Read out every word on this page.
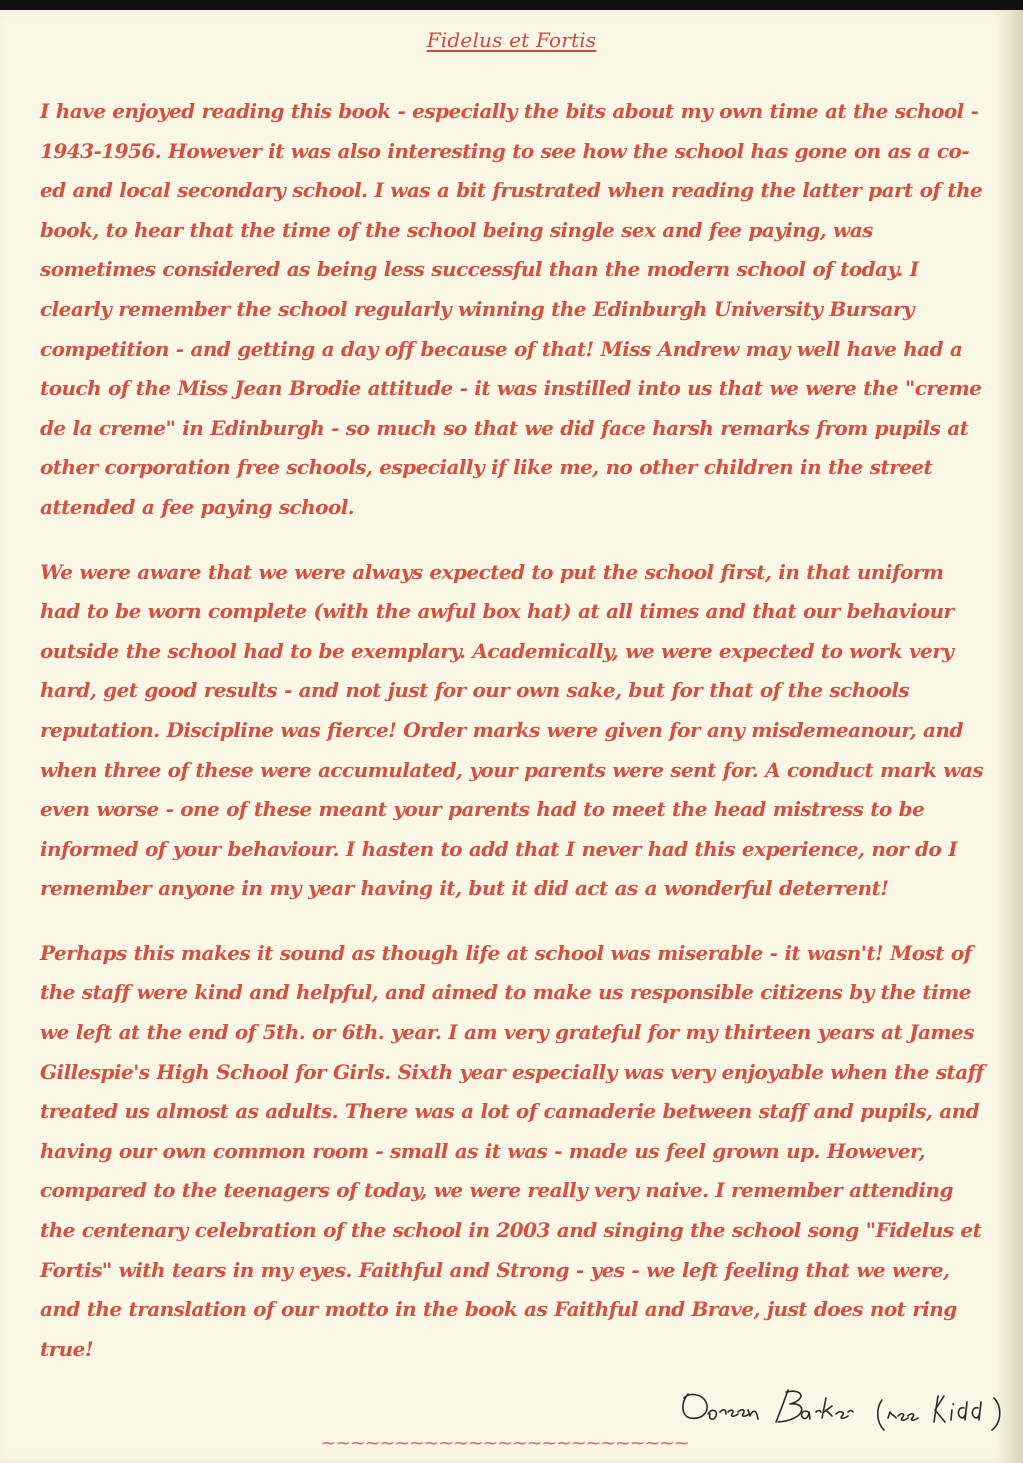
Fidelus et Fortis

I have enjoyed reading this book - especially the bits about my own time at the school - 1943-1956. However it was also interesting to see how the school has gone on as a co-ed and local secondary school. I was a bit frustrated when reading the latter part of the book, to hear that the time of the school being single sex and fee paying, was sometimes considered as being less successful than the modern school of today. I clearly remember the school regularly winning the Edinburgh University Bursary competition - and getting a day off because of that! Miss Andrew may well have had a touch of the Miss Jean Brodie attitude - it was instilled into us that we were the "creme de la creme" in Edinburgh - so much so that we did face harsh remarks from pupils at other corporation free schools, especially if like me, no other children in the street attended a fee paying school.

We were aware that we were always expected to put the school first, in that uniform had to be worn complete (with the awful box hat) at all times and that our behaviour outside the school had to be exemplary. Academically, we were expected to work very hard, get good results - and not just for our own sake, but for that of the schools reputation. Discipline was fierce! Order marks were given for any misdemeanour, and when three of these were accumulated, your parents were sent for. A conduct mark was even worse - one of these meant your parents had to meet the head mistress to be informed of your behaviour. I hasten to add that I never had this experience, nor do I remember anyone in my year having it, but it did act as a wonderful deterrent!

Perhaps this makes it sound as though life at school was miserable - it wasn't! Most of the staff were kind and helpful, and aimed to make us responsible citizens by the time we left at the end of 5th. or 6th. year. I am very grateful for my thirteen years at James Gillespie's High School for Girls. Sixth year especially was very enjoyable when the staff treated us almost as adults. There was a lot of camaderie between staff and pupils, and having our own common room - small as it was - made us feel grown up. However, compared to the teenagers of today, we were really very naive. I remember attending the centenary celebration of the school in 2003 and singing the school song "Fidelus et Fortis" with tears in my eyes. Faithful and Strong - yes - we left feeling that we were, and the translation of our motto in the book as Faithful and Brave, just does not ring true!

~~~~~~~~~~~~~~~~~~~~~~~~~
